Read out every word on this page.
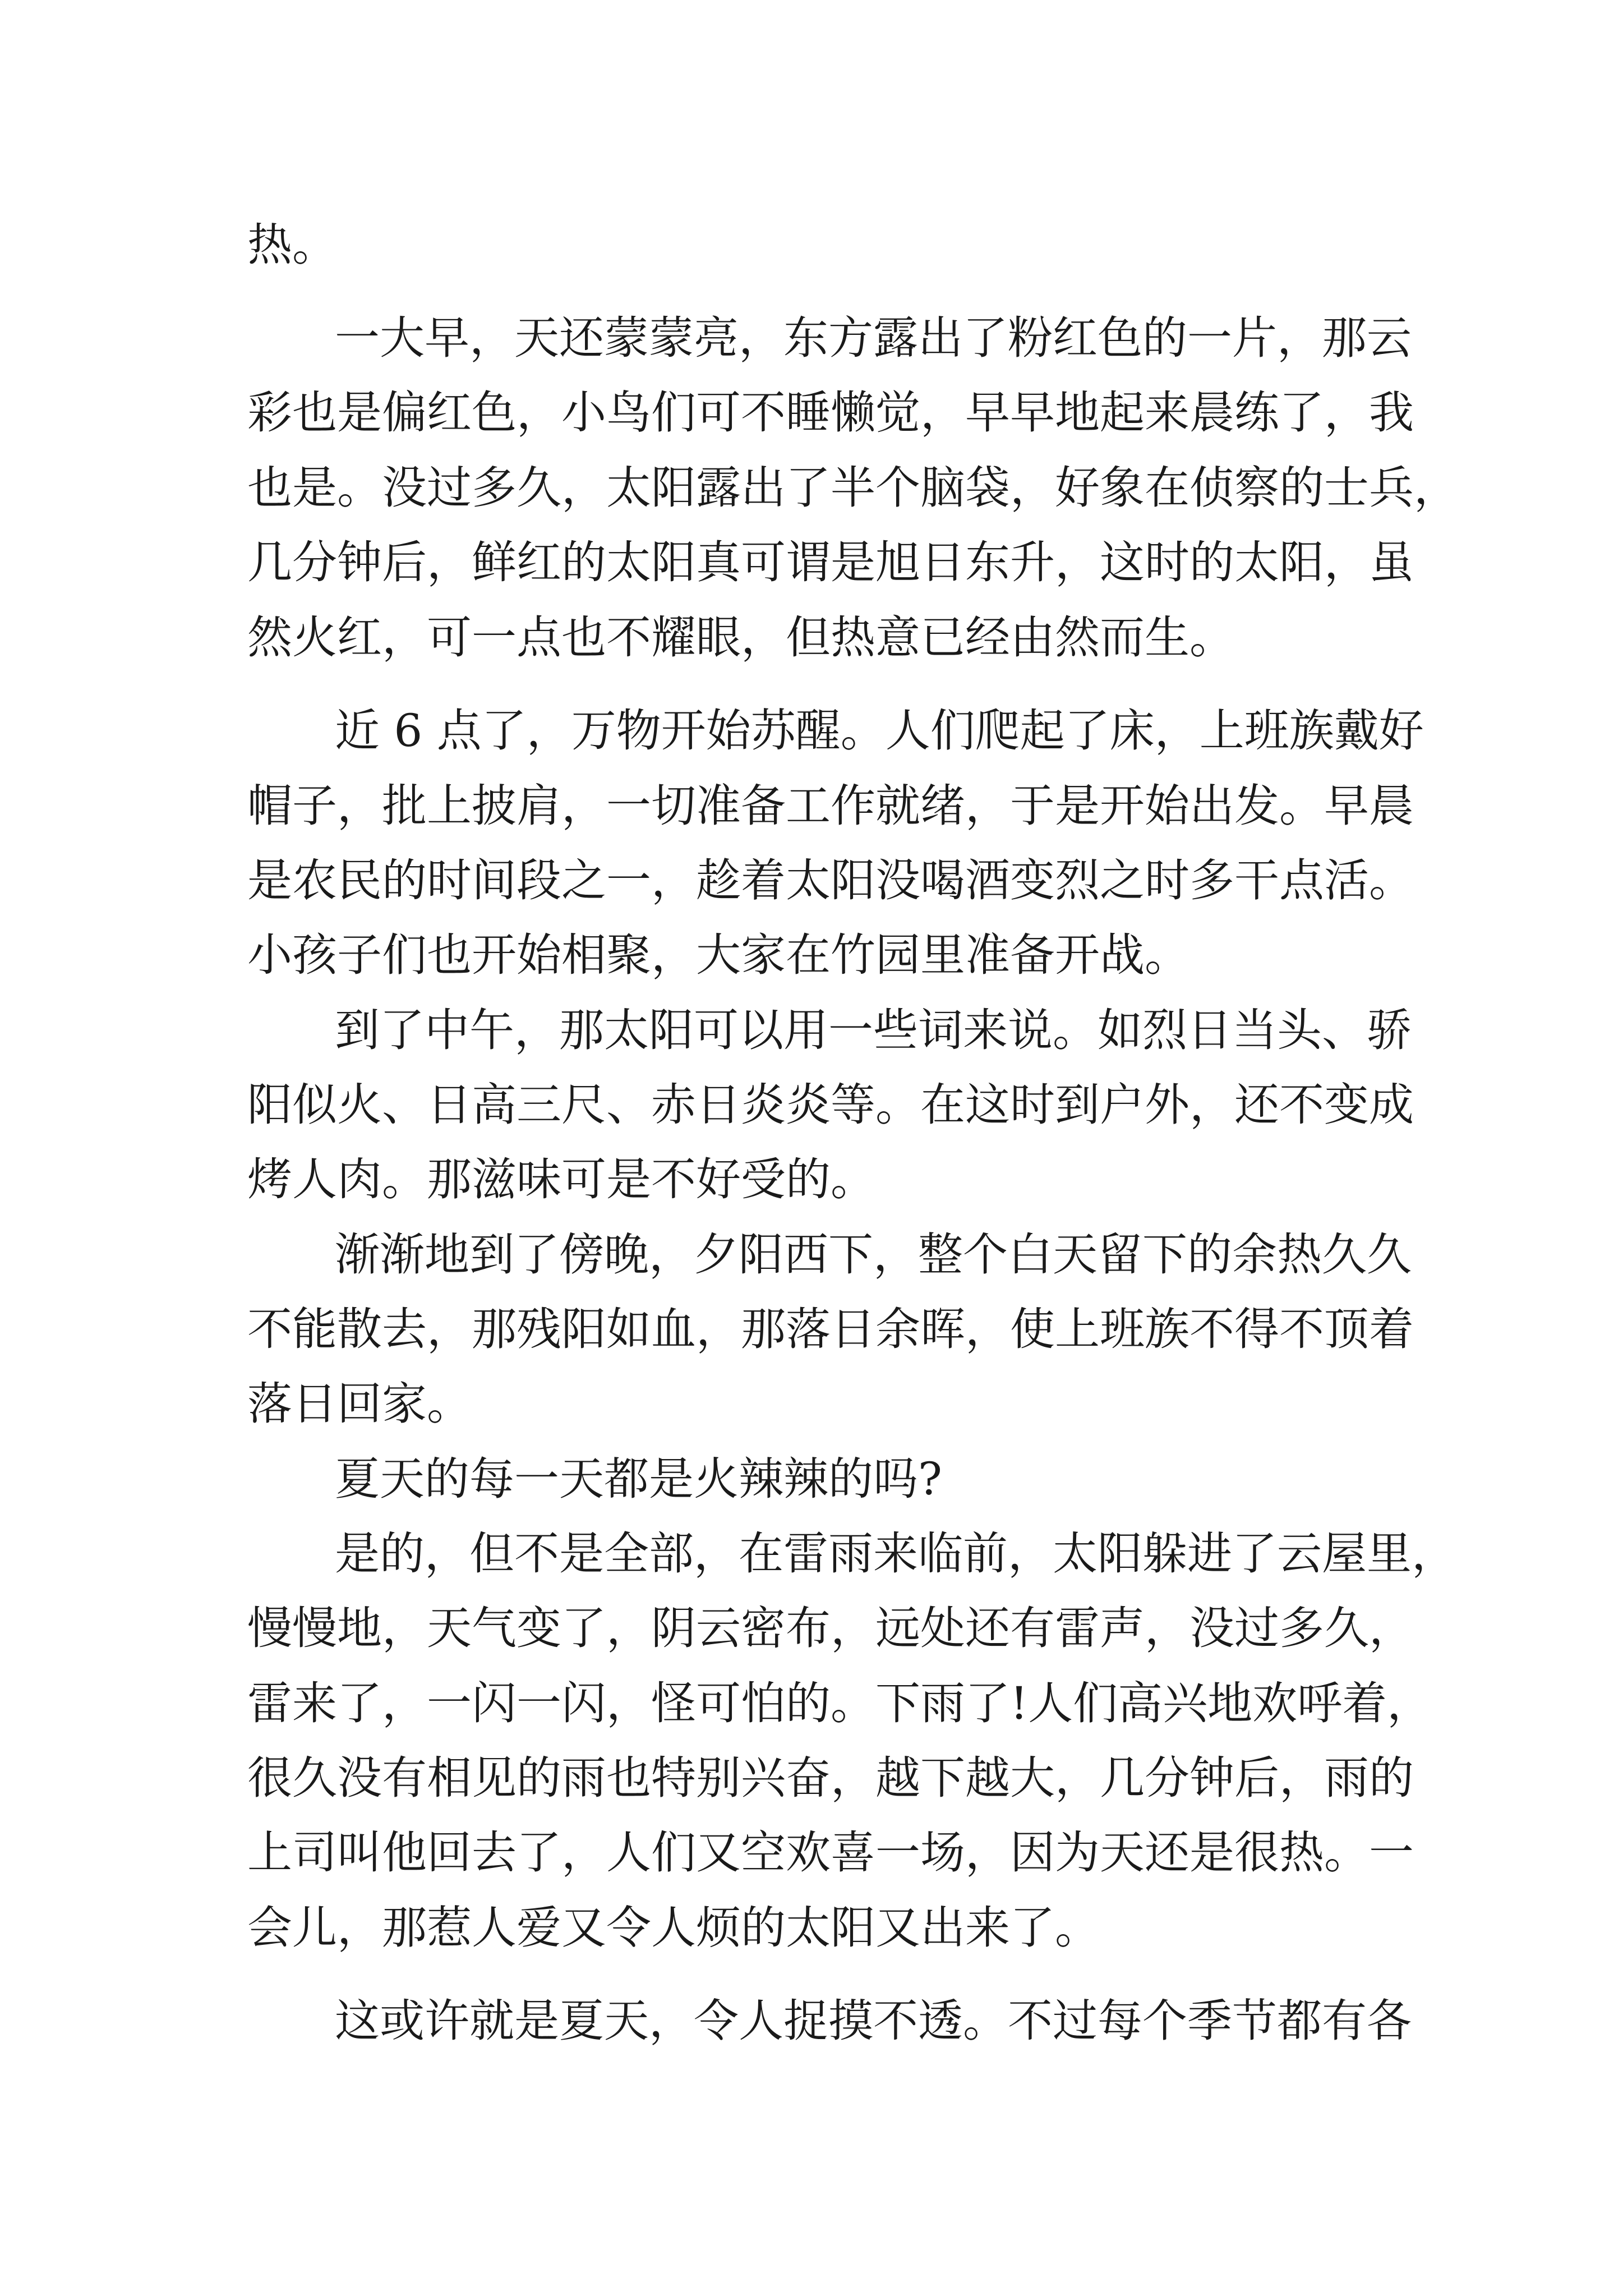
热。

一大早，天还蒙蒙亮，东方露出了粉红色的一片，那云

彩也是偏红色，小鸟们可不睡懒觉，早早地起来晨练了，我

也是。没过多久，太阳露出了半个脑袋，好象在侦察的士兵，

几分钟后，鲜红的太阳真可谓是旭日东升，这时的太阳，虽

然火红，可一点也不耀眼，但热意已经由然而生。

近 6 点了，万物开始苏醒。人们爬起了床，上班族戴好

帽子，批上披肩，一切准备工作就绪，于是开始出发。早晨

是农民的时间段之一，趁着太阳没喝酒变烈之时多干点活。

小孩子们也开始相聚，大家在竹园里准备开战。

到了中午，那太阳可以用一些词来说。如烈日当头、骄

阳似火、日高三尺、赤日炎炎等。在这时到户外，还不变成

烤人肉。那滋味可是不好受的。

渐渐地到了傍晚，夕阳西下，整个白天留下的余热久久

不能散去，那残阳如血，那落日余晖，使上班族不得不顶着

落日回家。

夏天的每一天都是火辣辣的吗?

是的，但不是全部，在雷雨来临前，太阳躲进了云屋里，

慢慢地，天气变了，阴云密布，远处还有雷声，没过多久，

雷来了，一闪一闪，怪可怕的。下雨了!人们高兴地欢呼着，

很久没有相见的雨也特别兴奋，越下越大，几分钟后，雨的

上司叫他回去了，人们又空欢喜一场，因为天还是很热。一

会儿，那惹人爱又令人烦的太阳又出来了。

这或许就是夏天，令人捉摸不透。不过每个季节都有各
